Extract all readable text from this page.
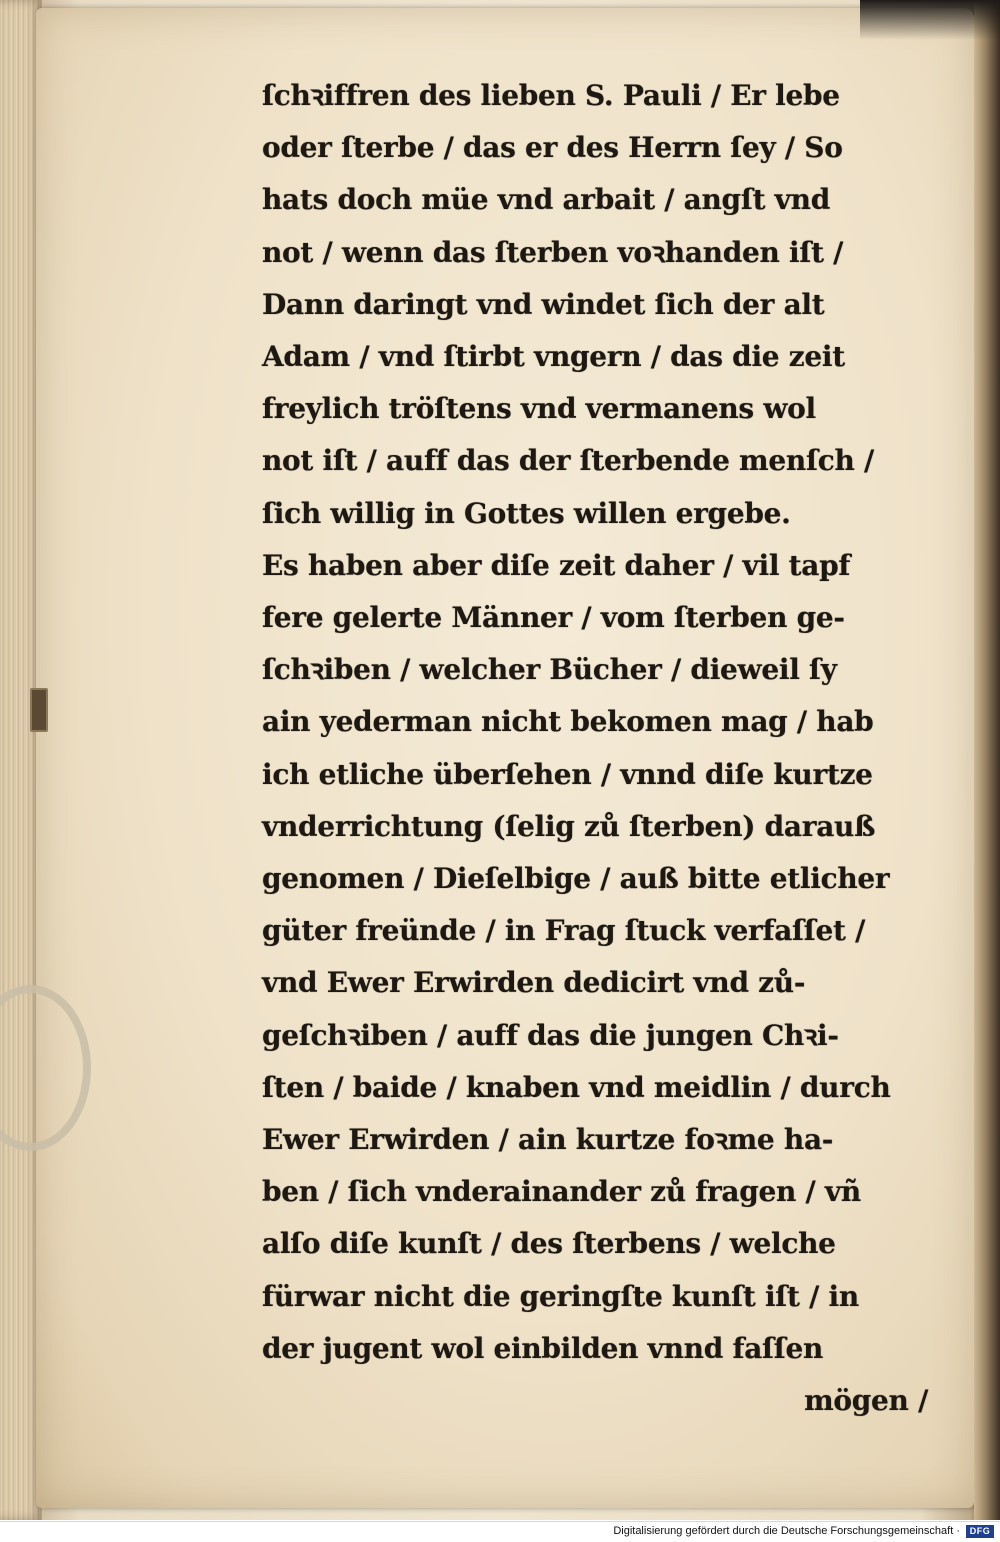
ſchꝛiffren des lieben S. Pauli / Er lebe
oder ſterbe / das er des Herrn ſey / So
hats doch müe vnd arbait / angſt vnd
not / wenn das ſterben voꝛhanden iſt /
Dann daringt vnd windet ſich der alt
Adam / vnd ſtirbt vngern / das die zeit
freylich tröſtens vnd vermanens wol
not iſt / auff das der ſterbende menſch /
ſich willig in Gottes willen ergebe.
Es haben aber diſe zeit daher / vil tapf
fere gelerte Männer / vom ſterben ge-
ſchꝛiben / welcher Bücher / dieweil ſy
ain yederman nicht bekomen mag / hab
ich etliche überſehen / vnnd diſe kurtze
vnderrichtung (ſelig zů ſterben) darauß
genomen / Dieſelbige / auß bitte etlicher
güter freünde / in Frag ſtuck verfaſſet /
vnd Ewer Erwirden dedicirt vnd zů-
geſchꝛiben / auff das die jungen Chꝛi-
ſten / baide / knaben vnd meidlin / durch
Ewer Erwirden / ain kurtze foꝛme ha-
ben / ſich vnderainander zů fragen / vñ
alſo diſe kunſt / des ſterbens / welche
fürwar nicht die geringſte kunſt iſt / in
der jugent wol einbilden vnnd faſſen
mögen /
Digitalisierung gefördert durch die Deutsche Forschungsgemeinschaft ·	DFG
